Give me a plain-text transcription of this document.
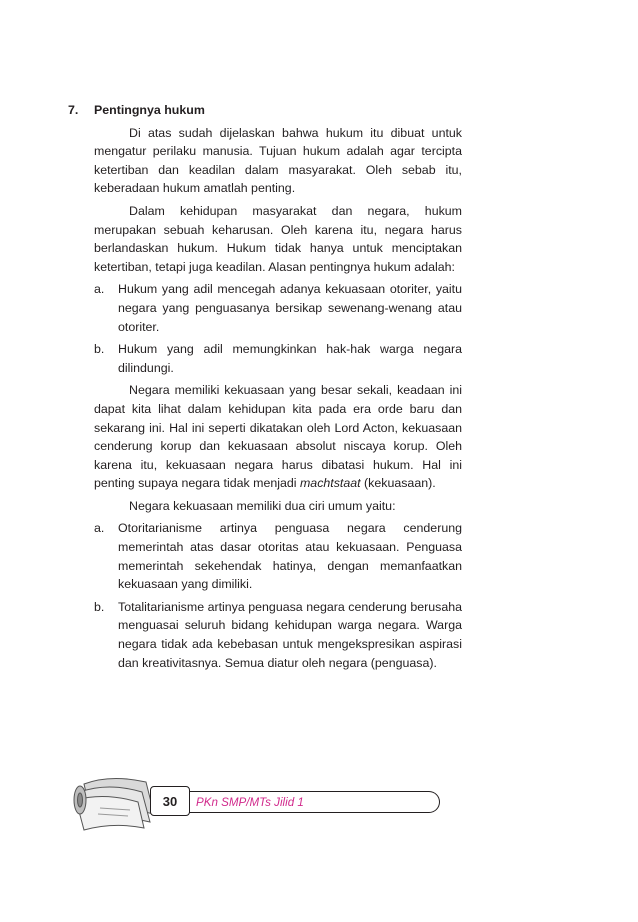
7.	Pentingnya hukum

Di atas sudah dijelaskan bahwa hukum itu dibuat untuk mengatur perilaku manusia. Tujuan hukum adalah agar tercipta ketertiban dan keadilan dalam masyarakat. Oleh sebab itu, keberadaan hukum amatlah penting.

Dalam kehidupan masyarakat dan negara, hukum merupakan sebuah keharusan. Oleh karena itu, negara harus berlandaskan hukum. Hukum tidak hanya untuk menciptakan ketertiban, tetapi juga keadilan. Alasan pentingnya hukum adalah:

a.	Hukum yang adil mencegah adanya kekuasaan otoriter, yaitu negara yang penguasanya bersikap sewenang-wenang atau otoriter.
b.	Hukum yang adil memungkinkan hak-hak warga negara dilindungi.

Negara memiliki kekuasaan yang besar sekali, keadaan ini dapat kita lihat dalam kehidupan kita pada era orde baru dan sekarang ini. Hal ini seperti dikatakan oleh Lord Acton, kekuasaan cenderung korup dan kekuasaan absolut niscaya korup. Oleh karena itu, kekuasaan negara harus dibatasi hukum. Hal ini penting supaya negara tidak menjadi machtstaat (kekuasaan).

Negara kekuasaan memiliki dua ciri umum yaitu:

a.	Otoritarianisme artinya penguasa negara cenderung memerintah atas dasar otoritas atau kekuasaan. Penguasa memerintah sekehendak hatinya, dengan memanfaatkan kekuasaan yang dimiliki.
b.	Totalitarianisme artinya penguasa negara cenderung berusaha menguasai seluruh bidang kehidupan warga negara. Warga negara tidak ada kebebasan untuk mengekspresikan aspirasi dan kreativitasnya. Semua diatur oleh negara (penguasa).
PKn SMP/MTs Jilid 1
30
